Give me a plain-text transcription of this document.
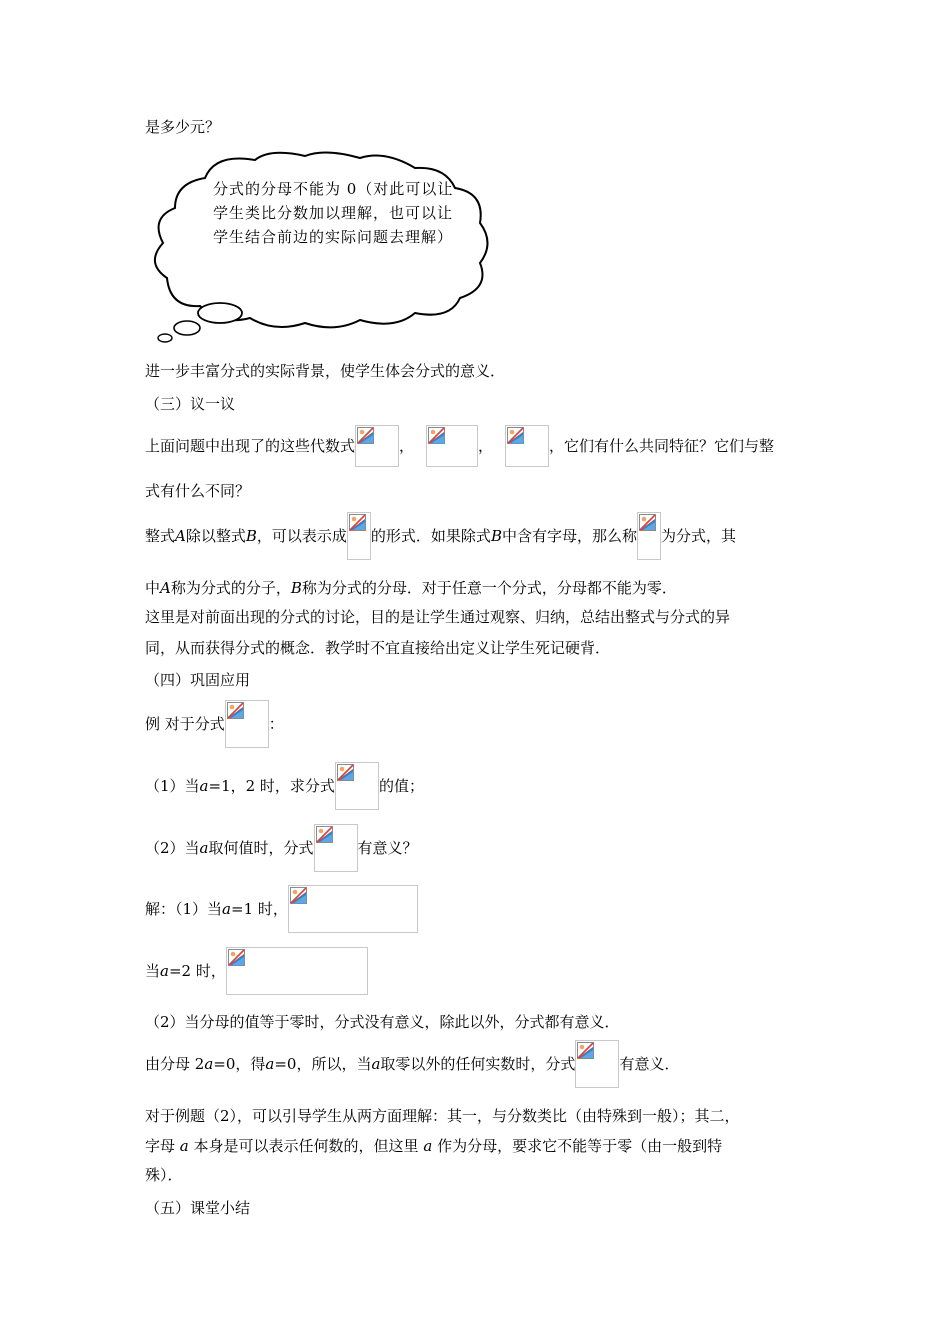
是多少元？
分式的分母不能为 0（对此可以让学生类比分数加以理解，也可以让学生结合前边的实际问题去理解）
进一步丰富分式的实际背景，使学生体会分式的意义．
（三）议一议
上面问题中出现了的这些代数式	，	，	，它们有什么共同特征？它们与整
式有什么不同？
整式A除以整式B，可以表示成 的形式．如果除式B中含有字母，那么称 为分式，其
中A称为分式的分子，B称为分式的分母．对于任意一个分式，分母都不能为零．
这里是对前面出现的分式的讨论，目的是让学生通过观察、归纳，总结出整式与分式的异
同，从而获得分式的概念．教学时不宜直接给出定义让学生死记硬背．
（四）巩固应用
例 对于分式	：
（1）当a=1，2 时，求分式	的值；
（2）当a取何值时，分式	有意义？
解：（1）当a=1 时，
当a=2 时，
（2）当分母的值等于零时，分式没有意义，除此以外，分式都有意义．
由分母 2a=0，得a=0，所以，当a取零以外的任何实数时，分式	有意义．
对于例题（2），可以引导学生从两方面理解：其一，与分数类比（由特殊到一般）；其二，
字母 a 本身是可以表示任何数的，但这里 a 作为分母，要求它不能等于零（由一般到特
殊）．
（五）课堂小结
